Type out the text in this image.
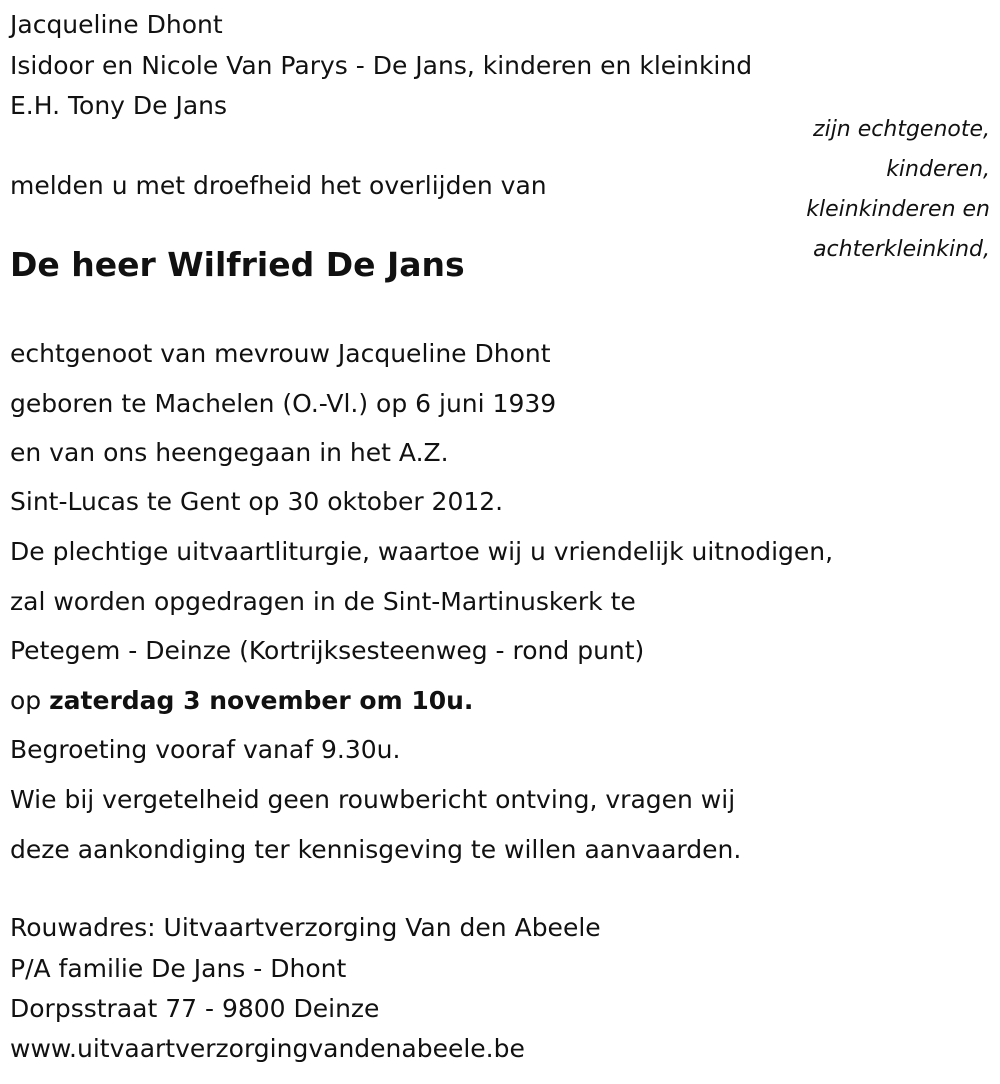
Jacqueline Dhont
Isidoor en Nicole Van Parys - De Jans, kinderen en kleinkind
E.H. Tony De Jans
zijn echtgenote,
kinderen,
kleinkinderen en
achterkleinkind,
melden u met droefheid het overlijden van
De heer Wilfried De Jans
echtgenoot van mevrouw Jacqueline Dhont
geboren te Machelen (O.-Vl.) op 6 juni 1939
en van ons heengegaan in het A.Z.
Sint-Lucas te Gent op 30 oktober 2012.
De plechtige uitvaartliturgie, waartoe wij u vriendelijk uitnodigen,
zal worden opgedragen in de Sint-Martinuskerk te
Petegem - Deinze (Kortrijksesteenweg - rond punt)
op zaterdag 3 november om 10u.
Begroeting vooraf vanaf 9.30u.
Wie bij vergetelheid geen rouwbericht ontving, vragen wij
deze aankondiging ter kennisgeving te willen aanvaarden.
Rouwadres: Uitvaartverzorging Van den Abeele
P/A familie De Jans - Dhont
Dorpsstraat 77 - 9800 Deinze
www.uitvaartverzorgingvandenabeele.be
